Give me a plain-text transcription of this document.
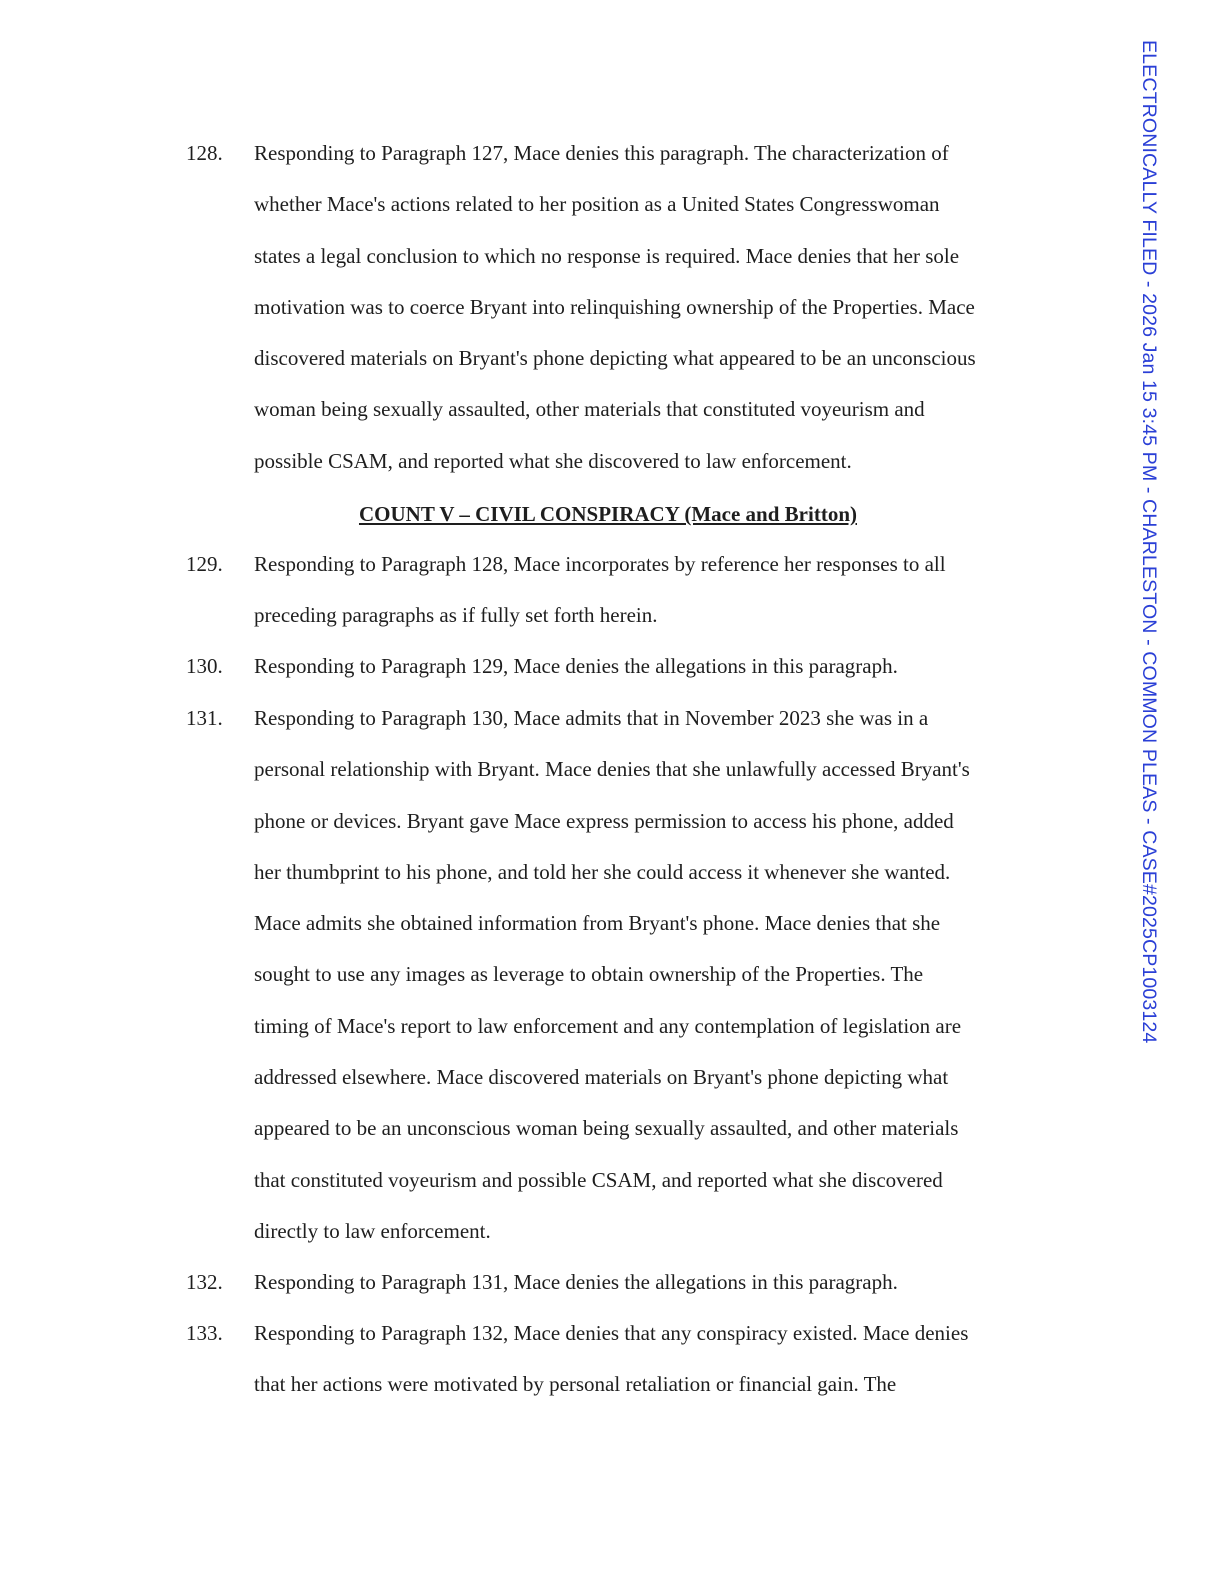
ELECTRONICALLY FILED - 2026 Jan 15 3:45 PM - CHARLESTON - COMMON PLEAS - CASE#2025CP1003124
128. Responding to Paragraph 127, Mace denies this paragraph. The characterization of
whether Mace's actions related to her position as a United States Congresswoman
states a legal conclusion to which no response is required. Mace denies that her sole
motivation was to coerce Bryant into relinquishing ownership of the Properties. Mace
discovered materials on Bryant's phone depicting what appeared to be an unconscious
woman being sexually assaulted, other materials that constituted voyeurism and
possible CSAM, and reported what she discovered to law enforcement.
COUNT V – CIVIL CONSPIRACY (Mace and Britton)
129. Responding to Paragraph 128, Mace incorporates by reference her responses to all
preceding paragraphs as if fully set forth herein.
130. Responding to Paragraph 129, Mace denies the allegations in this paragraph.
131. Responding to Paragraph 130, Mace admits that in November 2023 she was in a
personal relationship with Bryant. Mace denies that she unlawfully accessed Bryant's
phone or devices. Bryant gave Mace express permission to access his phone, added
her thumbprint to his phone, and told her she could access it whenever she wanted.
Mace admits she obtained information from Bryant's phone. Mace denies that she
sought to use any images as leverage to obtain ownership of the Properties. The
timing of Mace's report to law enforcement and any contemplation of legislation are
addressed elsewhere. Mace discovered materials on Bryant's phone depicting what
appeared to be an unconscious woman being sexually assaulted, and other materials
that constituted voyeurism and possible CSAM, and reported what she discovered
directly to law enforcement.
132. Responding to Paragraph 131, Mace denies the allegations in this paragraph.
133. Responding to Paragraph 132, Mace denies that any conspiracy existed. Mace denies
that her actions were motivated by personal retaliation or financial gain. The
